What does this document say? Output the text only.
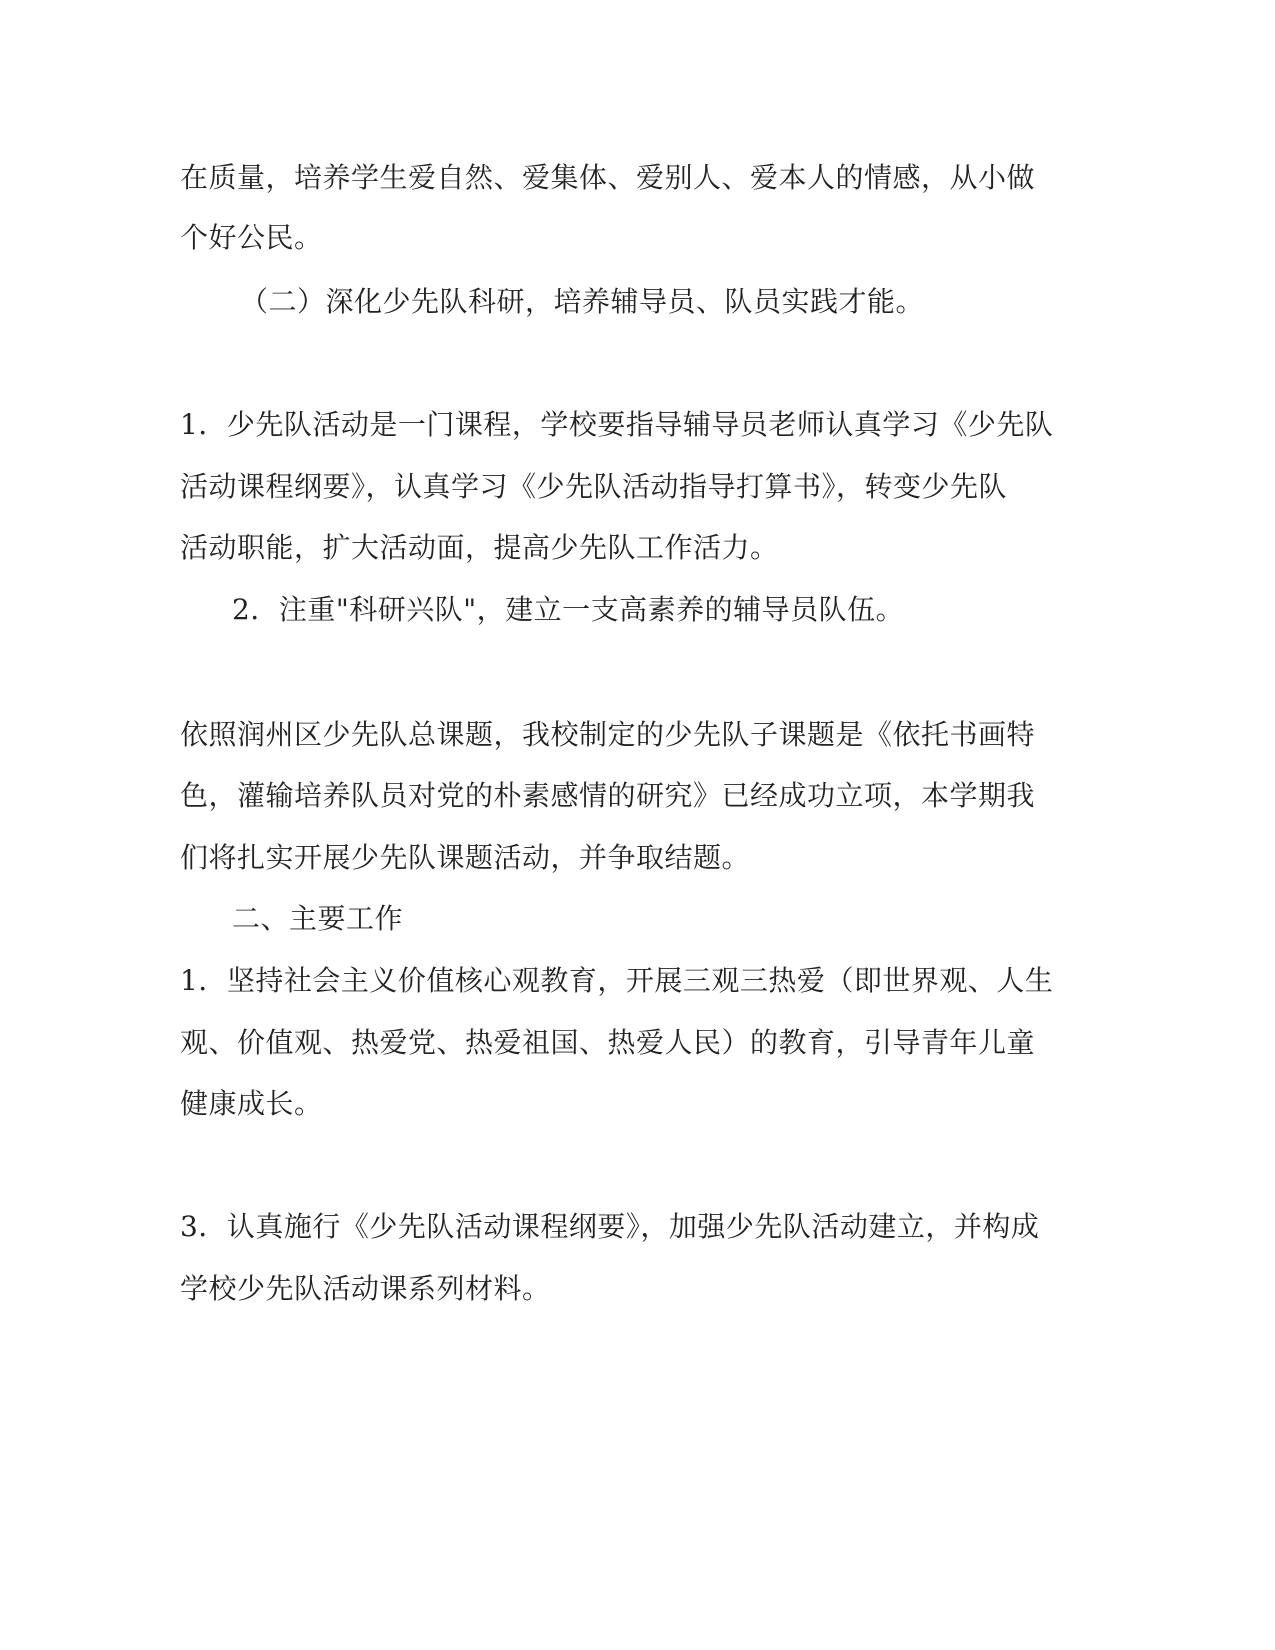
在质量，培养学生爱自然、爱集体、爱别人、爱本人的情感，从小做
个好公民。
（二）深化少先队科研，培养辅导员、队员实践才能。
1．少先队活动是一门课程，学校要指导辅导员老师认真学习《少先队
活动课程纲要》，认真学习《少先队活动指导打算书》，转变少先队
活动职能，扩大活动面，提高少先队工作活力。
2．注重"科研兴队"，建立一支高素养的辅导员队伍。
依照润州区少先队总课题，我校制定的少先队子课题是《依托书画特
色，灌输培养队员对党的朴素感情的研究》已经成功立项，本学期我
们将扎实开展少先队课题活动，并争取结题。
二、主要工作
1．坚持社会主义价值核心观教育，开展三观三热爱（即世界观、人生
观、价值观、热爱党、热爱祖国、热爱人民）的教育，引导青年儿童
健康成长。
3．认真施行《少先队活动课程纲要》，加强少先队活动建立，并构成
学校少先队活动课系列材料。
